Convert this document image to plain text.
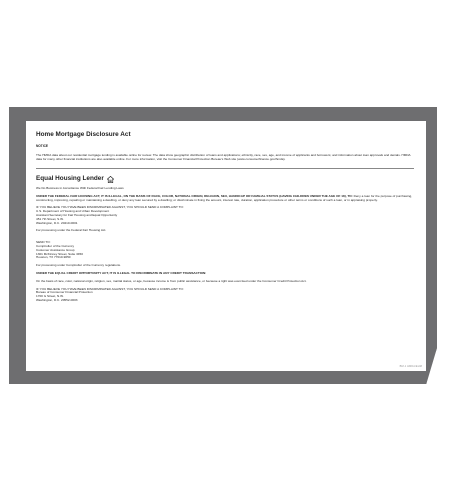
Home Mortgage Disclosure Act
NOTICE

The HMDA data about our residential mortgage lending is available online for review. The data show geographic distribution of loans and applications; ethnicity, race, sex, age, and income of applicants and borrowers; and information about loan approvals and denials. HMDA data for many other financial institutions are also available online. For more information, visit the Consumer Financial Protection Bureau's Web site (www.consumerfinance.gov/hmda).

Equal Housing Lender
We Do Business in Accordance With Federal Fair Lending Laws
UNDER THE FEDERAL FAIR HOUSING ACT, IT IS ILLEGAL, ON THE BASIS OF RACE, COLOR, NATIONAL ORIGIN, RELIGION, SEX, HANDICAP OR FAMILIAL STATUS (HAVING CHILDREN UNDER THE AGE OF 18), TO: Deny a loan for the purpose of purchasing, constructing, improving, repairing or maintaining a dwelling, or deny any loan secured by a dwelling; or discriminate in fixing the amount, interest rate, duration, application procedure or other terms or conditions of such a loan, or in appraising property.
IF YOU BELIEVE YOU HAVE BEEN DISCRIMINATED AGAINST, YOU SHOULD SEND A COMPLAINT TO:
U.S. Department of Housing and Urban Development
Assistant Secretary for Fair Housing and Equal Opportunity
451 7th Street, S.W.
Washington, D.C. 20410-0001
For processing under the Federal Fair Housing Act.
SEND TO:
Comptroller of the Currency
Customer Assistance Group
1301 McKinney Street, Suite 3450
Houston, TX 77010-9050
For processing under Comptroller of the Currency regulations.
UNDER THE EQUAL CREDIT OPPORTUNITY ACT, IT IS ILLEGAL TO DISCRIMINATE IN ANY CREDIT TRANSACTION:
On the basis of race, color, national origin, religion, sex, marital status, or age, because income is from public assistance, or because a right was exercised under the Consumer Credit Protection Act.
IF YOU BELIEVE YOU HAVE BEEN DISCRIMINATED AGAINST, YOU SHOULD SEND A COMPLAINT TO:
Bureau of Consumer Financial Protection
1700 G Street, N.W.
Washington, D.C. 20552-0003
BM-1 HMDA/EHM
